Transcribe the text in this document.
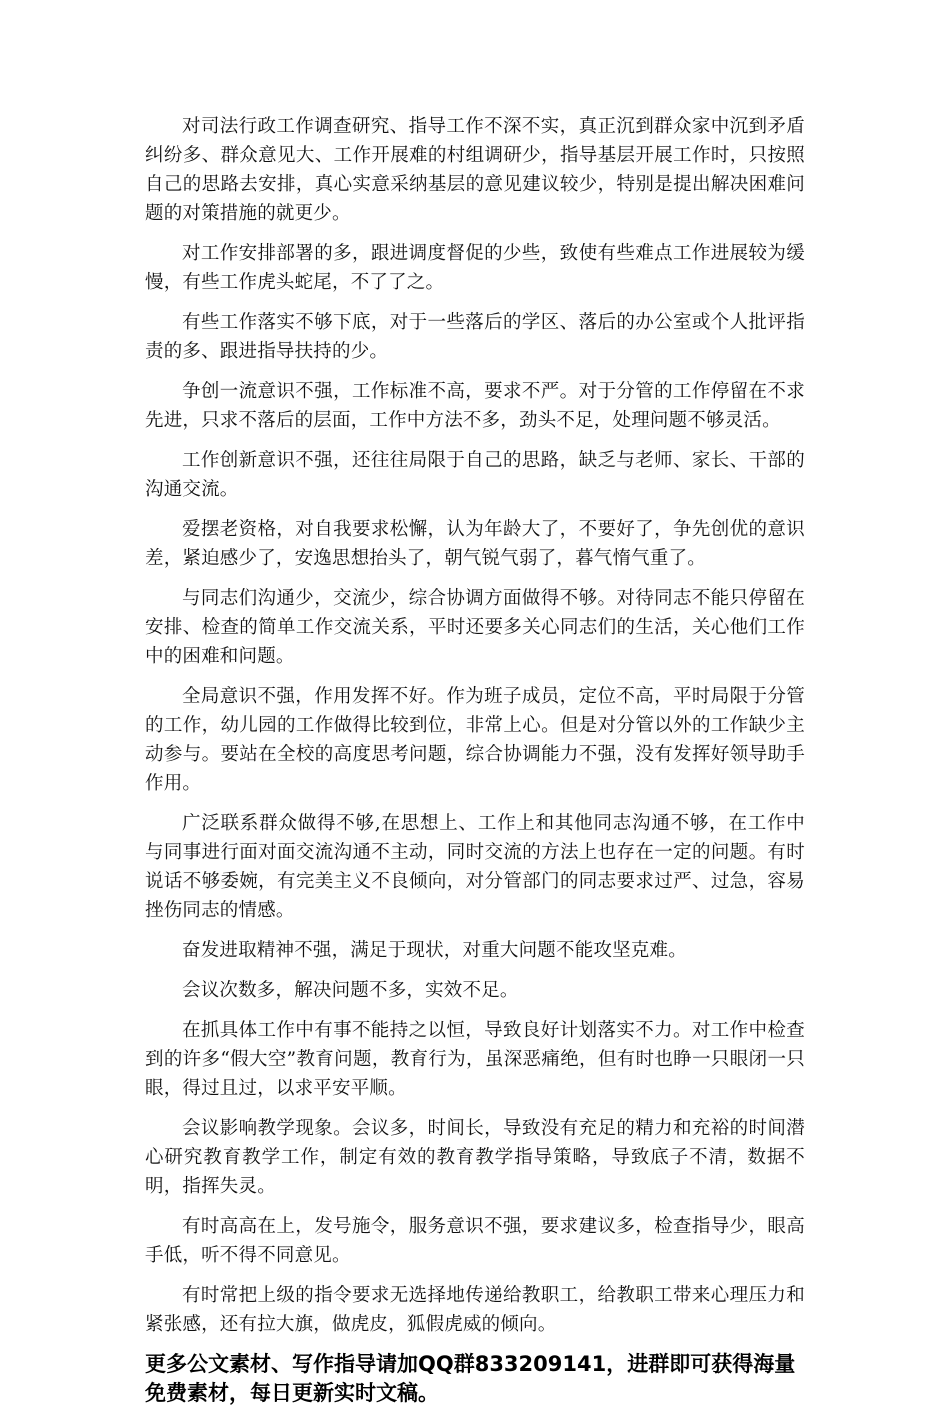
对司法行政工作调查研究、指导工作不深不实，真正沉到群众家中沉到矛盾纠纷多、群众意见大、工作开展难的村组调研少，指导基层开展工作时，只按照自己的思路去安排，真心实意采纳基层的意见建议较少，特别是提出解决困难问题的对策措施的就更少。

对工作安排部署的多，跟进调度督促的少些，致使有些难点工作进展较为缓慢，有些工作虎头蛇尾，不了了之。

有些工作落实不够下底，对于一些落后的学区、落后的办公室或个人批评指责的多、跟进指导扶持的少。

争创一流意识不强，工作标准不高，要求不严。对于分管的工作停留在不求先进，只求不落后的层面，工作中方法不多，劲头不足，处理问题不够灵活。

工作创新意识不强，还往往局限于自己的思路，缺乏与老师、家长、干部的沟通交流。

爱摆老资格，对自我要求松懈，认为年龄大了，不要好了，争先创优的意识差，紧迫感少了，安逸思想抬头了，朝气锐气弱了，暮气惰气重了。

与同志们沟通少，交流少，综合协调方面做得不够。对待同志不能只停留在安排、检查的简单工作交流关系，平时还要多关心同志们的生活，关心他们工作中的困难和问题。

全局意识不强，作用发挥不好。作为班子成员，定位不高，平时局限于分管的工作，幼儿园的工作做得比较到位，非常上心。但是对分管以外的工作缺少主动参与。要站在全校的高度思考问题，综合协调能力不强，没有发挥好领导助手作用。

广泛联系群众做得不够,在思想上、工作上和其他同志沟通不够，在工作中与同事进行面对面交流沟通不主动，同时交流的方法上也存在一定的问题。有时说话不够委婉，有完美主义不良倾向，对分管部门的同志要求过严、过急，容易挫伤同志的情感。

奋发进取精神不强，满足于现状，对重大问题不能攻坚克难。

会议次数多，解决问题不多，实效不足。

在抓具体工作中有事不能持之以恒，导致良好计划落实不力。对工作中检查到的许多“假大空”教育问题，教育行为，虽深恶痛绝，但有时也睁一只眼闭一只眼，得过且过，以求平安平顺。

会议影响教学现象。会议多，时间长，导致没有充足的精力和充裕的时间潜心研究教育教学工作，制定有效的教育教学指导策略，导致底子不清，数据不明，指挥失灵。

有时高高在上，发号施令，服务意识不强，要求建议多，检查指导少，眼高手低，听不得不同意见。

有时常把上级的指令要求无选择地传递给教职工，给教职工带来心理压力和紧张感，还有拉大旗，做虎皮，狐假虎威的倾向。

更多公文素材、写作指导请加QQ群833209141，进群即可获得海量免费素材，每日更新实时文稿。
